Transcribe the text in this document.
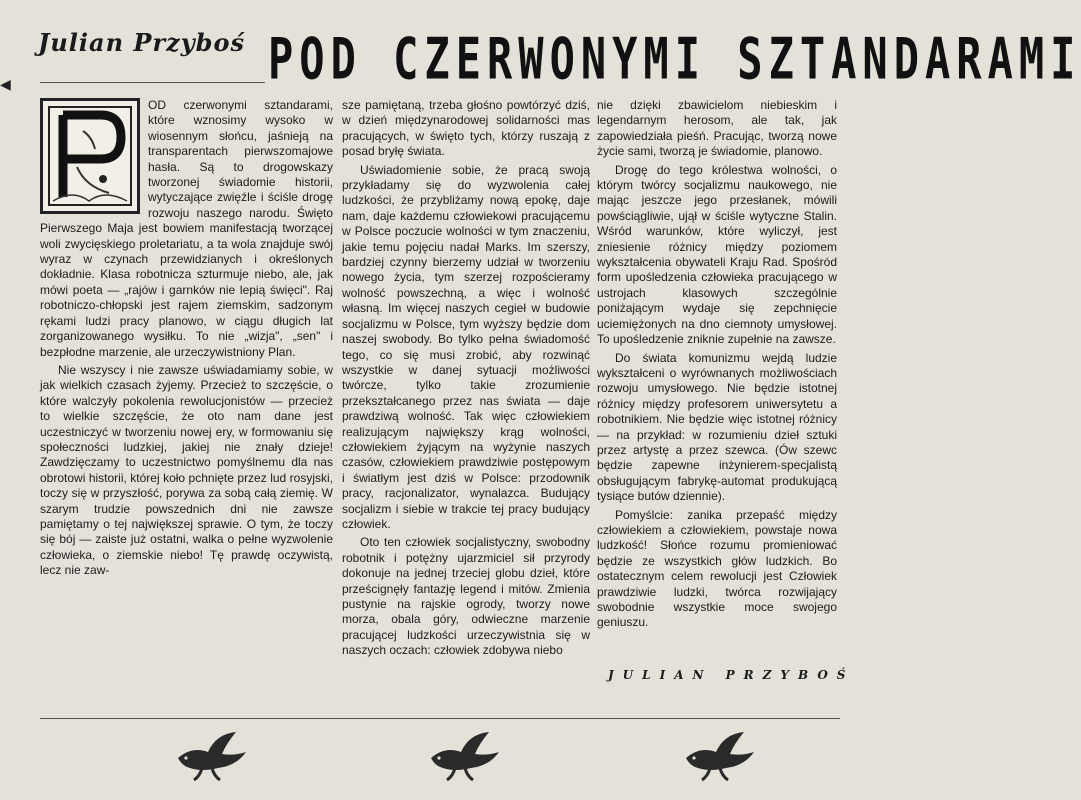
◀
Julian Przyboś POD CZERWONYMI SZTANDARAMI

OD czerwonymi sztandarami, które wznosimy wysoko w wiosennym słońcu, jaśnieją na transparentach pierwszomajowe hasła. Są to drogowskazy tworzonej świadomie historii, wytyczające zwięźle i ściśle drogę rozwoju naszego narodu. Święto Pierwszego Maja jest bowiem manifestacją tworzącej woli zwycięskiego proletariatu, a ta wola znajduje swój wyraz w czynach przewidzianych i określonych dokładnie. Klasa robotnicza szturmuje niebo, ale, jak mówi poeta — „rajów i garnków nie lepią święci". Raj robotniczo-chłopski jest rajem ziemskim, sadzonym rękami ludzi pracy planowo, w ciągu długich lat zorganizowanego wysiłku. To nie „wizja", „sen" i bezpłodne marzenie, ale urzeczywistniony Plan.

Nie wszyscy i nie zawsze uświadamiamy sobie, w jak wielkich czasach żyjemy. Przecież to szczęście, o które walczyły pokolenia rewolucjonistów — przecież to wielkie szczęście, że oto nam dane jest uczestniczyć w tworzeniu nowej ery, w formowaniu się społeczności ludzkiej, jakiej nie znały dzieje! Zawdzięczamy to uczestnictwo pomyślnemu dla nas obrotowi historii, której koło pchnięte przez lud rosyjski, toczy się w przyszłość, porywa za sobą całą ziemię. W szarym trudzie powszednich dni nie zawsze pamiętamy o tej największej sprawie. O tym, że toczy się bój — zaiste już ostatni, walka o pełne wyzwolenie człowieka, o ziemskie niebo! Tę prawdę oczywistą, lecz nie zaw-

sze pamiętaną, trzeba głośno powtórzyć dziś, w dzień międzynarodowej solidarności mas pracujących, w święto tych, którzy ruszają z posad bryłę świata.

Uświadomienie sobie, że pracą swoją przykładamy się do wyzwolenia całej ludzkości, że przybliżamy nową epokę, daje nam, daje każdemu człowiekowi pracującemu w Polsce poczucie wolności w tym znaczeniu, jakie temu pojęciu nadał Marks. Im szerszy, bardziej czynny bierzemy udział w tworzeniu nowego życia, tym szerzej rozpościeramy wolność powszechną, a więc i wolność własną. Im więcej naszych cegieł w budowie socjalizmu w Polsce, tym wyższy będzie dom naszej swobody. Bo tylko pełna świadomość tego, co się musi zrobić, aby rozwinąć wszystkie w danej sytuacji możliwości twórcze, tylko takie zrozumienie przekształcanego przez nas świata — daje prawdziwą wolność. Tak więc człowiekiem realizującym największy krąg wolności, człowiekiem żyjącym na wyżynie naszych czasów, człowiekiem prawdziwie postępowym i światłym jest dziś w Polsce: przodownik pracy, racjonalizator, wynalazca. Budujący socjalizm i siebie w trakcie tej pracy budujący człowiek.

Oto ten człowiek socjalistyczny, swobodny robotnik i potężny ujarzmiciel sił przyrody dokonuje na jednej trzeciej globu dzieł, które prześcignęły fantazję legend i mitów. Zmienia pustynie na rajskie ogrody, tworzy nowe morza, obala góry, odwieczne marzenie pracującej ludzkości urzeczywistnia się w naszych oczach: człowiek zdobywa niebo

nie dzięki zbawicielom niebieskim i legendarnym herosom, ale tak, jak zapowiedziała pieśń. Pracując, tworzą nowe życie sami, tworzą je świadomie, planowo.

Drogę do tego królestwa wolności, o którym twórcy socjalizmu naukowego, nie mając jeszcze jego przesłanek, mówili powściągliwie, ujął w ściśle wytyczne Stalin. Wśród warunków, które wyliczył, jest zniesienie różnicy między poziomem wykształcenia obywateli Kraju Rad. Spośród form upośledzenia człowieka pracującego w ustrojach klasowych szczególnie poniżającym wydaje się zepchnięcie uciemiężonych na dno ciemnoty umysłowej. To upośledzenie zniknie zupełnie na zawsze.

Do świata komunizmu wejdą ludzie wykształceni o wyrównanych możliwościach rozwoju umysłowego. Nie będzie istotnej różnicy między profesorem uniwersytetu a robotnikiem. Nie będzie więc istotnej różnicy — na przykład: w rozumieniu dzieł sztuki przez artystę a przez szewca. (Ów szewc będzie zapewne inżynierem-specjalistą obsługującym fabrykę-automat produkującą tysiące butów dziennie).

Pomyślcie: zanika przepaść między człowiekiem a człowiekiem, powstaje nowa ludzkość! Słońce rozumu promieniować będzie ze wszystkich głów ludzkich. Bo ostatecznym celem rewolucji jest Człowiek prawdziwie ludzki, twórca rozwijający swobodnie wszystkie moce swojego geniuszu.

JULIAN PRZYBOŚ
